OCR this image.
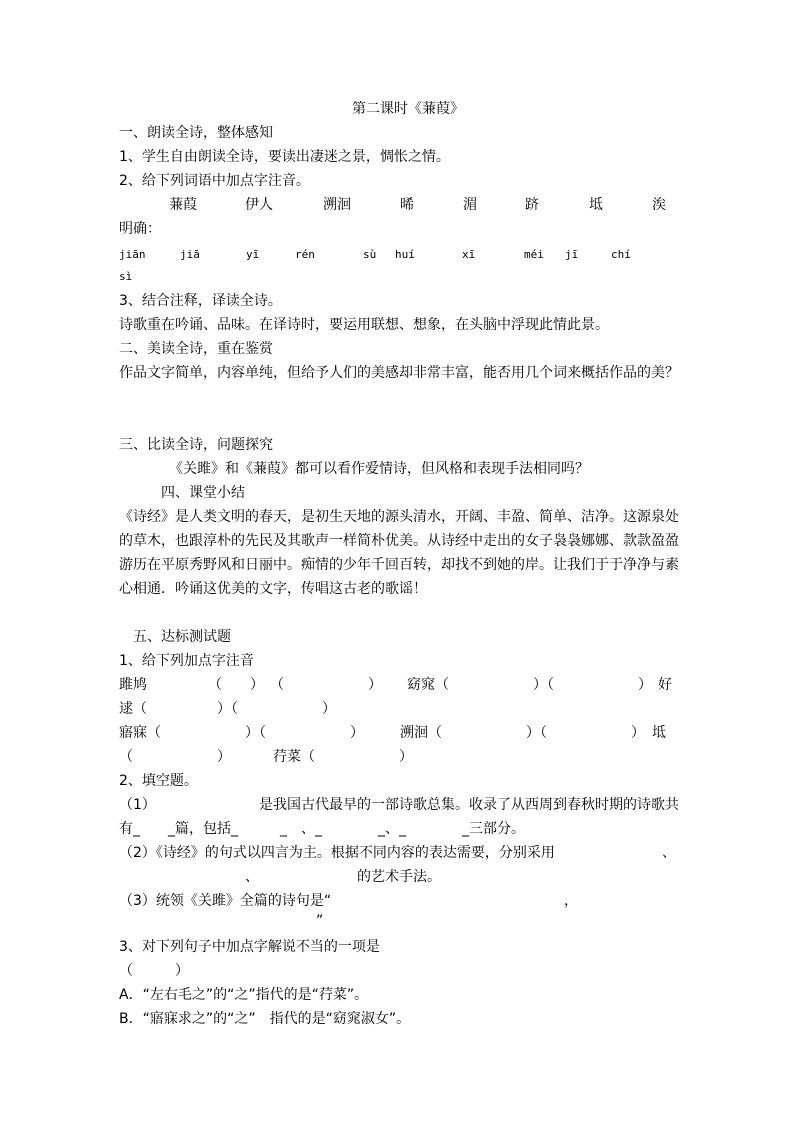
第二课时《蒹葭》
一、朗读全诗，整体感知
1、学生自由朗读全诗，要读出凄迷之景，惆怅之情。
2、给下列词语中加点字注音。
蒹葭	伊人	溯洄	晞	湄	跻	坻	涘
明确：
jiān	jiā	yī	rén	sù huí	xī	méi jī	chí
sì
3、结合注释，译读全诗。
诗歌重在吟诵、品味。在译诗时，要运用联想、想象，在头脑中浮现此情此景。
二、美读全诗，重在鉴赏
作品文字简单，内容单纯，但给予人们的美感却非常丰富，能否用几个词来概括作品的美？
三、比读全诗，问题探究
《关雎》和《蒹葭》都可以看作爱情诗，但风格和表现手法相同吗？
四、课堂小结
《诗经》是人类文明的春天，是初生天地的源头清水，开阔、丰盈、简单、洁净。这源泉处
的草木，也跟淳朴的先民及其歌声一样简朴优美。从诗经中走出的女子袅袅娜娜、款款盈盈
游历在平原秀野风和日丽中。痴情的少年千回百转，却找不到她的岸。让我们于于净净与素
心相通．吟诵这优美的文字，传唱这古老的歌谣！
五、达标测试题
1、给下列加点字注音
雎鸠	（　　） （　　　　　　） 窈窕（　　　　　　）（　　　　　　） 好
逑（　　　　　）（　　　　　　）
寤寐（　　　　　　）（　　　　　　）	溯洄（　　　　　　）（　　　　　　） 坻
（　　　　　　）	荇菜（　　　　　　）
2、填空题。
（1）	是我国古代最早的一部诗歌总集。收录了从西周到春秋时期的诗歌共
有_　　_篇，包括_　　　_　、_　　　　_、_　　　　_三部分。
（2）《诗经》的句式以四言为主。根据不同内容的表达需要，分别采用	、
、	的艺术手法。
（3）统领《关雎》全篇的诗句是“	，
”
3、对下列句子中加点字解说不当的一项是
（　　　）
A．“左右毛之”的“之”指代的是“荇菜”。
B．“寤寐求之”的“之”　指代的是“窈窕淑女”。
